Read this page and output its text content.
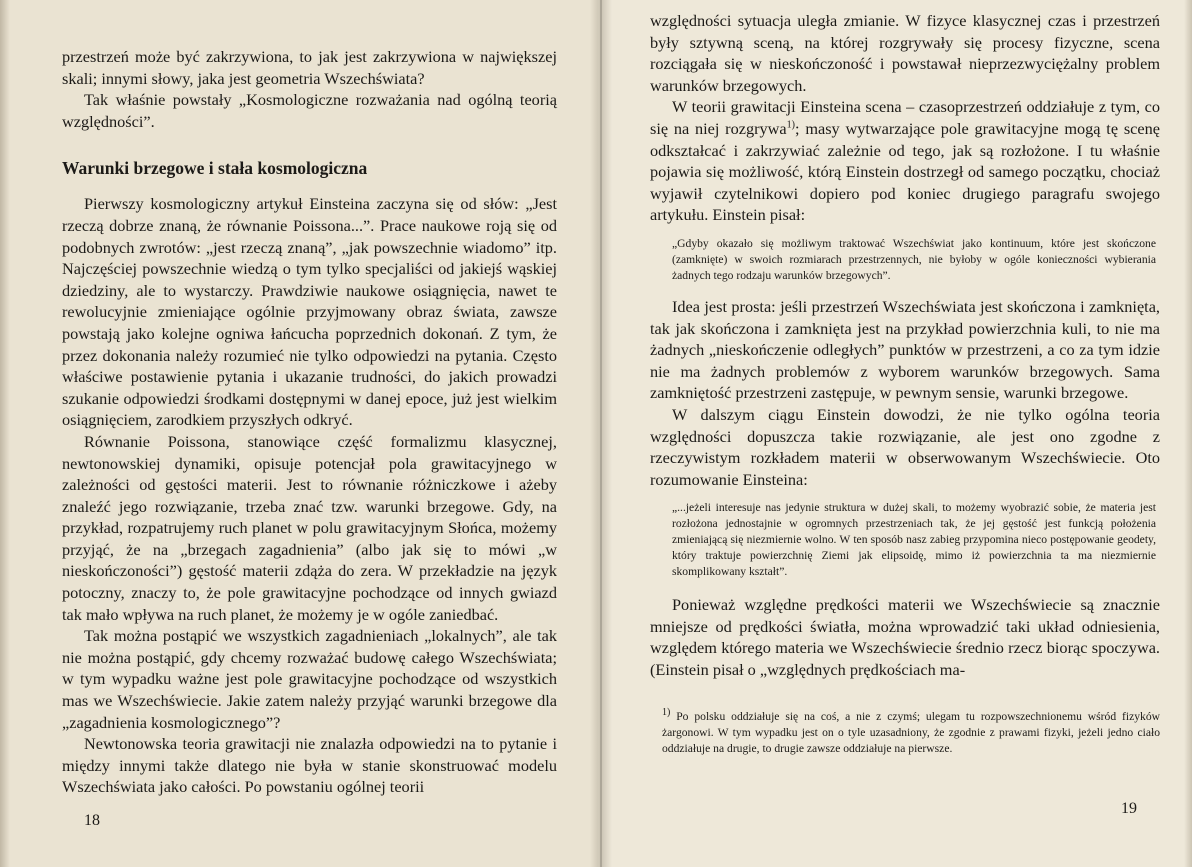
przestrzeń może być zakrzywiona, to jak jest zakrzywiona w największej skali; innymi słowy, jaka jest geometria Wszechświata?

Tak właśnie powstały „Kosmologiczne rozważania nad ogólną teorią względności”.

Warunki brzegowe i stała kosmologiczna

Pierwszy kosmologiczny artykuł Einsteina zaczyna się od słów: „Jest rzeczą dobrze znaną, że równanie Poissona...”. Prace naukowe roją się od podobnych zwrotów: „jest rzeczą znaną”, „jak powszechnie wiadomo” itp. Najczęściej powszechnie wiedzą o tym tylko specjaliści od jakiejś wąskiej dziedziny, ale to wystarczy. Prawdziwie naukowe osiągnięcia, nawet te rewolucyjnie zmieniające ogólnie przyjmowany obraz świata, zawsze powstają jako kolejne ogniwa łańcucha poprzednich dokonań. Z tym, że przez dokonania należy rozumieć nie tylko odpowiedzi na pytania. Często właściwe postawienie pytania i ukazanie trudności, do jakich prowadzi szukanie odpowiedzi środkami dostępnymi w danej epoce, już jest wielkim osiągnięciem, zarodkiem przyszłych odkryć.

Równanie Poissona, stanowiące część formalizmu klasycznej, newtonowskiej dynamiki, opisuje potencjał pola grawitacyjnego w zależności od gęstości materii. Jest to równanie różniczkowe i ażeby znaleźć jego rozwiązanie, trzeba znać tzw. warunki brzegowe. Gdy, na przykład, rozpatrujemy ruch planet w polu grawitacyjnym Słońca, możemy przyjąć, że na „brzegach zagadnienia” (albo jak się to mówi „w nieskończoności”) gęstość materii zdąża do zera. W przekładzie na język potoczny, znaczy to, że pole grawitacyjne pochodzące od innych gwiazd tak mało wpływa na ruch planet, że możemy je w ogóle zaniedbać.

Tak można postąpić we wszystkich zagadnieniach „lokalnych”, ale tak nie można postąpić, gdy chcemy rozważać budowę całego Wszechświata; w tym wypadku ważne jest pole grawitacyjne pochodzące od wszystkich mas we Wszechświecie. Jakie zatem należy przyjąć warunki brzegowe dla „zagadnienia kosmologicznego”?

Newtonowska teoria grawitacji nie znalazła odpowiedzi na to pytanie i między innymi także dlatego nie była w stanie skonstruować modelu Wszechświata jako całości. Po powstaniu ogólnej teorii

18

względności sytuacja uległa zmianie. W fizyce klasycznej czas i przestrzeń były sztywną sceną, na której rozgrywały się procesy fizyczne, scena rozciągała się w nieskończoność i powstawał nieprzezwyciężalny problem warunków brzegowych.

W teorii grawitacji Einsteina scena – czasoprzestrzeń oddziałuje z tym, co się na niej rozgrywa$^{1)}$; masy wytwarzające pole grawitacyjne mogą tę scenę odkształcać i zakrzywiać zależnie od tego, jak są rozłożone. I tu właśnie pojawia się możliwość, którą Einstein dostrzegł od samego początku, chociaż wyjawił czytelnikowi dopiero pod koniec drugiego paragrafu swojego artykułu. Einstein pisał:

„Gdyby okazało się możliwym traktować Wszechświat jako kontinuum, które jest skończone (zamknięte) w swoich rozmiarach przestrzennych, nie byłoby w ogóle konieczności wybierania żadnych tego rodzaju warunków brzegowych”.

Idea jest prosta: jeśli przestrzeń Wszechświata jest skończona i zamknięta, tak jak skończona i zamknięta jest na przykład powierzchnia kuli, to nie ma żadnych „nieskończenie odległych” punktów w przestrzeni, a co za tym idzie nie ma żadnych problemów z wyborem warunków brzegowych. Sama zamkniętość przestrzeni zastępuje, w pewnym sensie, warunki brzegowe.

W dalszym ciągu Einstein dowodzi, że nie tylko ogólna teoria względności dopuszcza takie rozwiązanie, ale jest ono zgodne z rzeczywistym rozkładem materii w obserwowanym Wszechświecie. Oto rozumowanie Einsteina:

„...jeżeli interesuje nas jedynie struktura w dużej skali, to możemy wyobrazić sobie, że materia jest rozłożona jednostajnie w ogromnych przestrzeniach tak, że jej gęstość jest funkcją położenia zmieniającą się niezmiernie wolno. W ten sposób nasz zabieg przypomina nieco postępowanie geodety, który traktuje powierzchnię Ziemi jak elipsoidę, mimo iż powierzchnia ta ma niezmiernie skomplikowany kształt”.

Ponieważ względne prędkości materii we Wszechświecie są znacznie mniejsze od prędkości światła, można wprowadzić taki układ odniesienia, względem którego materia we Wszechświecie średnio rzecz biorąc spoczywa. (Einstein pisał o „względnych prędkościach ma-

$^{1)}$ Po polsku oddziałuje się na coś, a nie z czymś; ulegam tu rozpowszechnionemu wśród fizyków żargonowi. W tym wypadku jest on o tyle uzasadniony, że zgodnie z prawami fizyki, jeżeli jedno ciało oddziałuje na drugie, to drugie zawsze oddziałuje na pierwsze.

19
